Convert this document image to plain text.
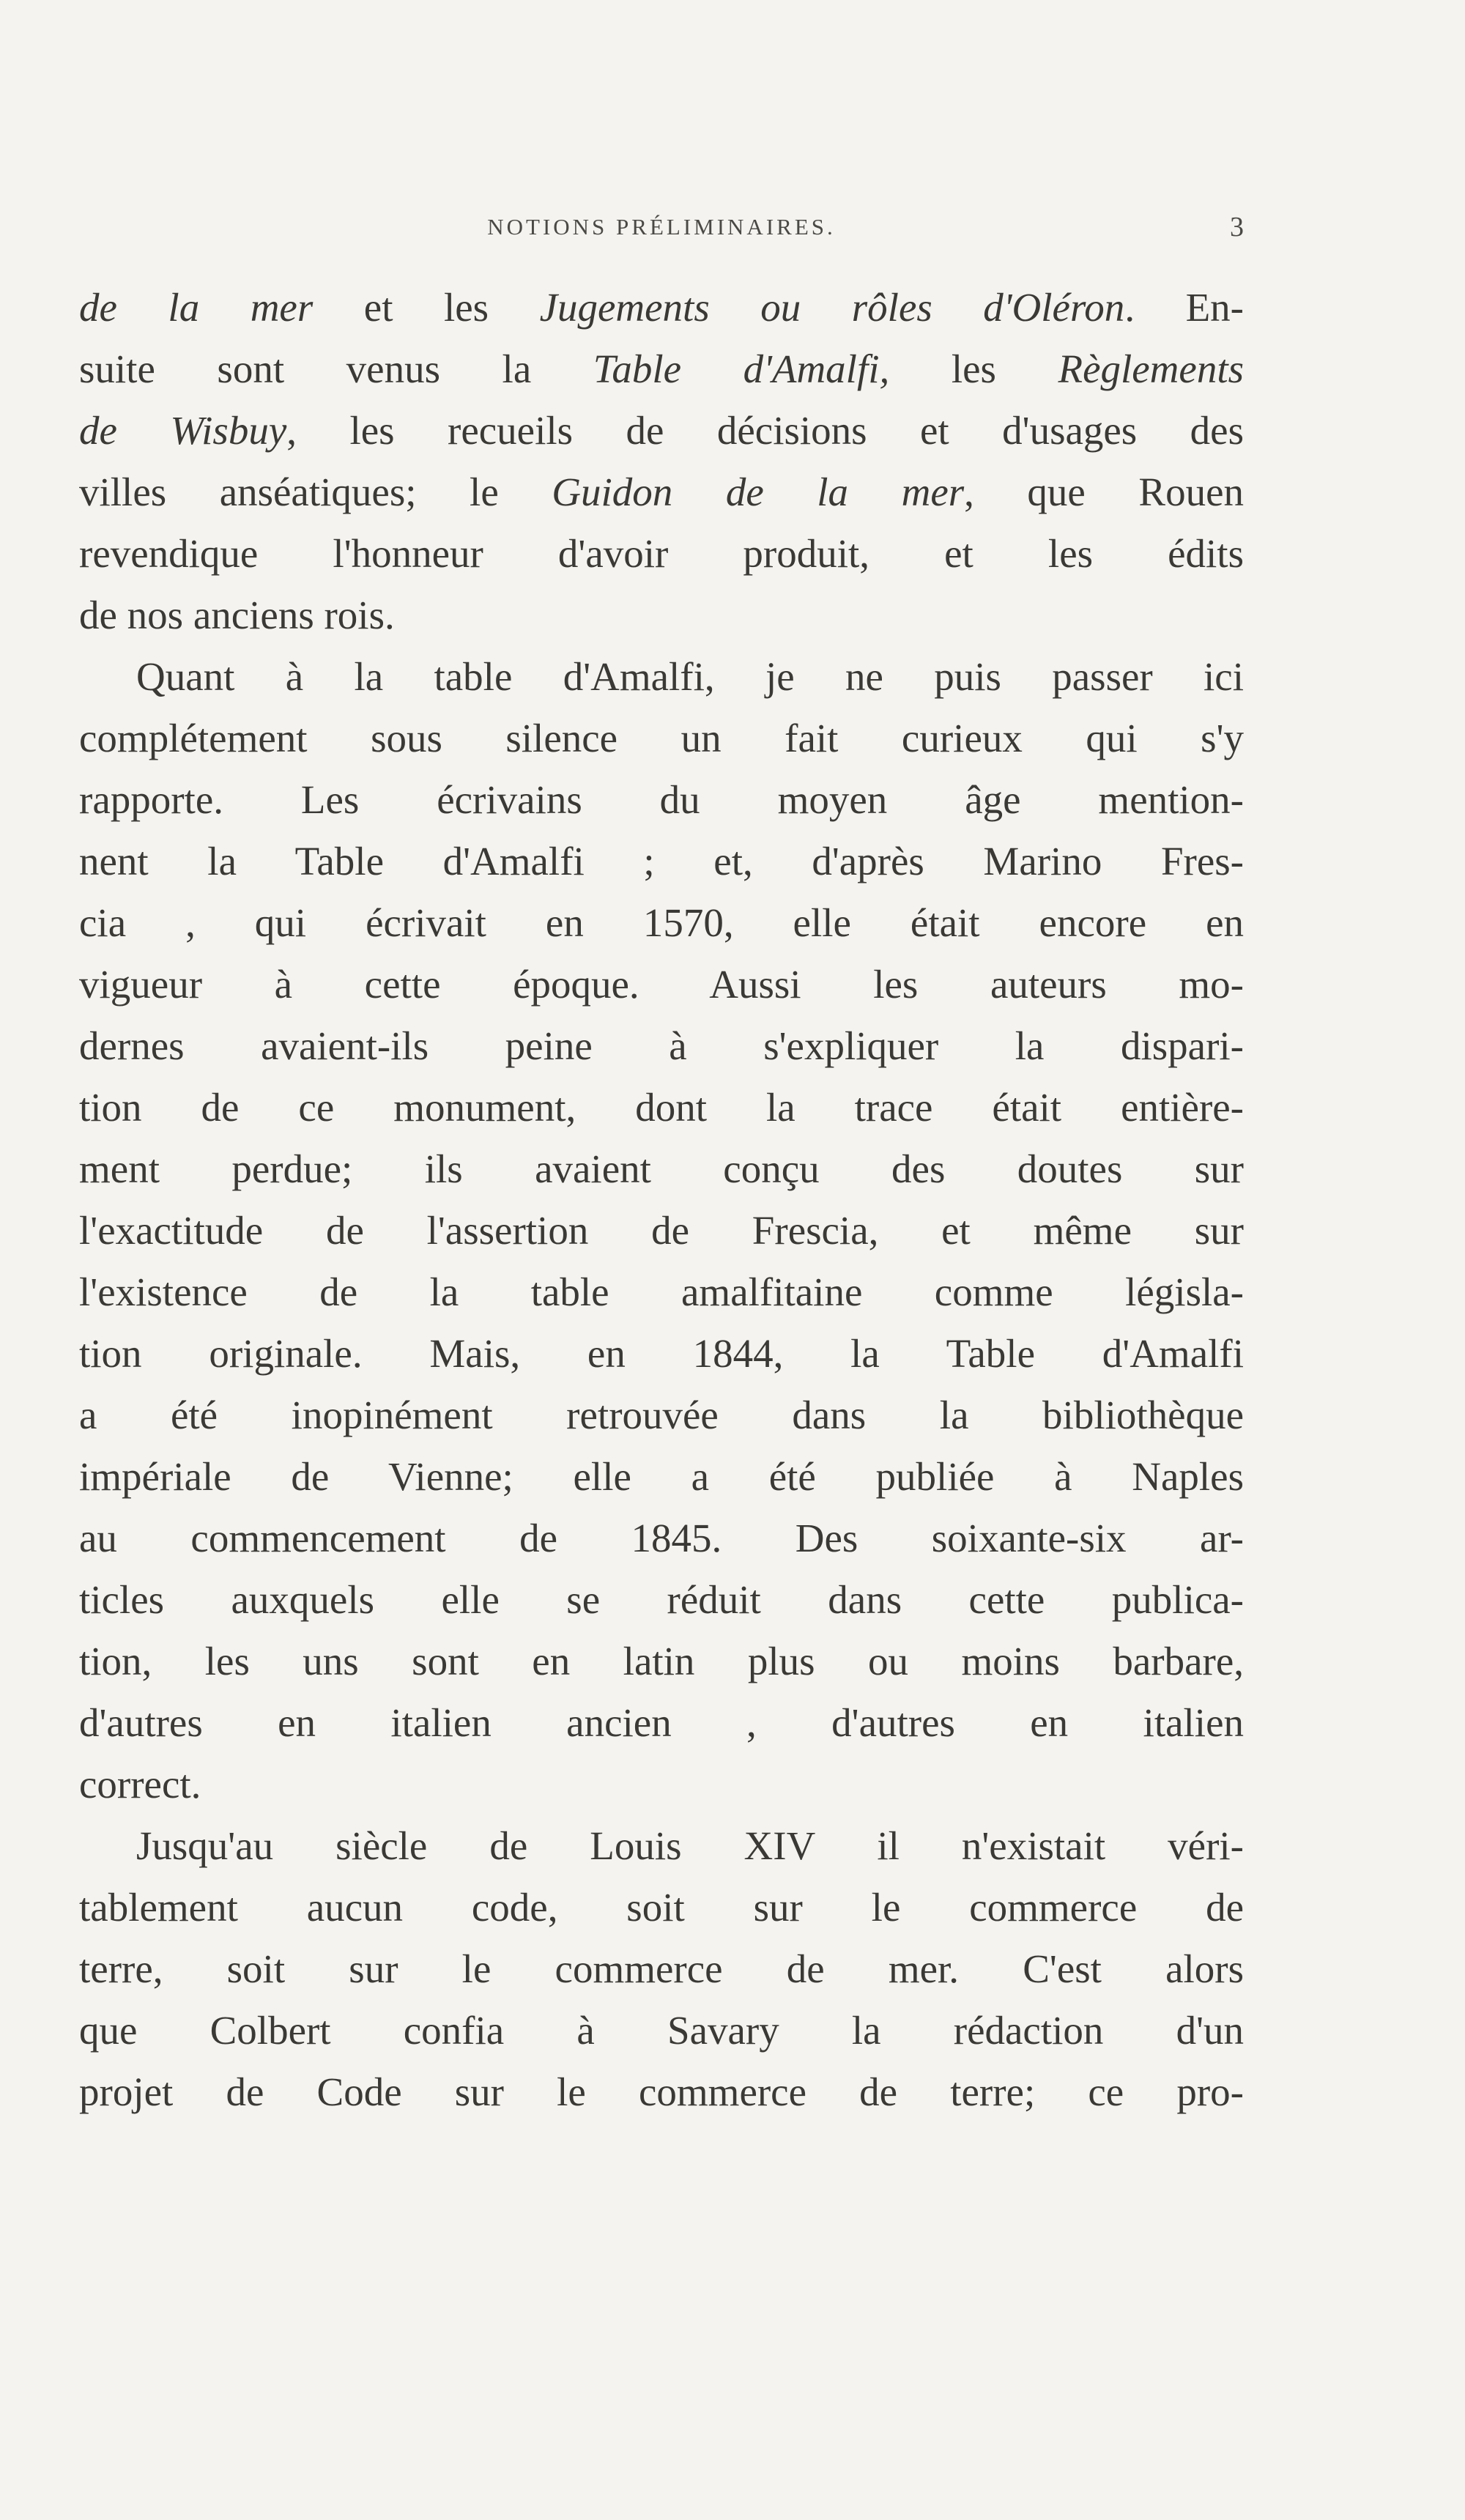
NOTIONS PRÉLIMINAIRES.	3
de la mer et les Jugements ou rôles d'Oléron. En-
suite sont venus la Table d'Amalfi, les Règlements
de Wisbuy, les recueils de décisions et d'usages des
villes anséatiques; le Guidon de la mer, que Rouen
revendique l'honneur d'avoir produit, et les édits
de nos anciens rois.
Quant à la table d'Amalfi, je ne puis passer ici
complétement sous silence un fait curieux qui s'y
rapporte. Les écrivains du moyen âge mention-
nent la Table d'Amalfi ; et, d'après Marino Fres-
cia , qui écrivait en 1570, elle était encore en
vigueur à cette époque. Aussi les auteurs mo-
dernes avaient-ils peine à s'expliquer la dispari-
tion de ce monument, dont la trace était entière-
ment perdue; ils avaient conçu des doutes sur
l'exactitude de l'assertion de Frescia, et même sur
l'existence de la table amalfitaine comme législa-
tion originale. Mais, en 1844, la Table d'Amalfi
a été inopinément retrouvée dans la bibliothèque
impériale de Vienne; elle a été publiée à Naples
au commencement de 1845. Des soixante-six ar-
ticles auxquels elle se réduit dans cette publica-
tion, les uns sont en latin plus ou moins barbare,
d'autres en italien ancien , d'autres en italien
correct.
Jusqu'au siècle de Louis XIV il n'existait véri-
tablement aucun code, soit sur le commerce de
terre, soit sur le commerce de mer. C'est alors
que Colbert confia à Savary la rédaction d'un
projet de Code sur le commerce de terre; ce pro-
